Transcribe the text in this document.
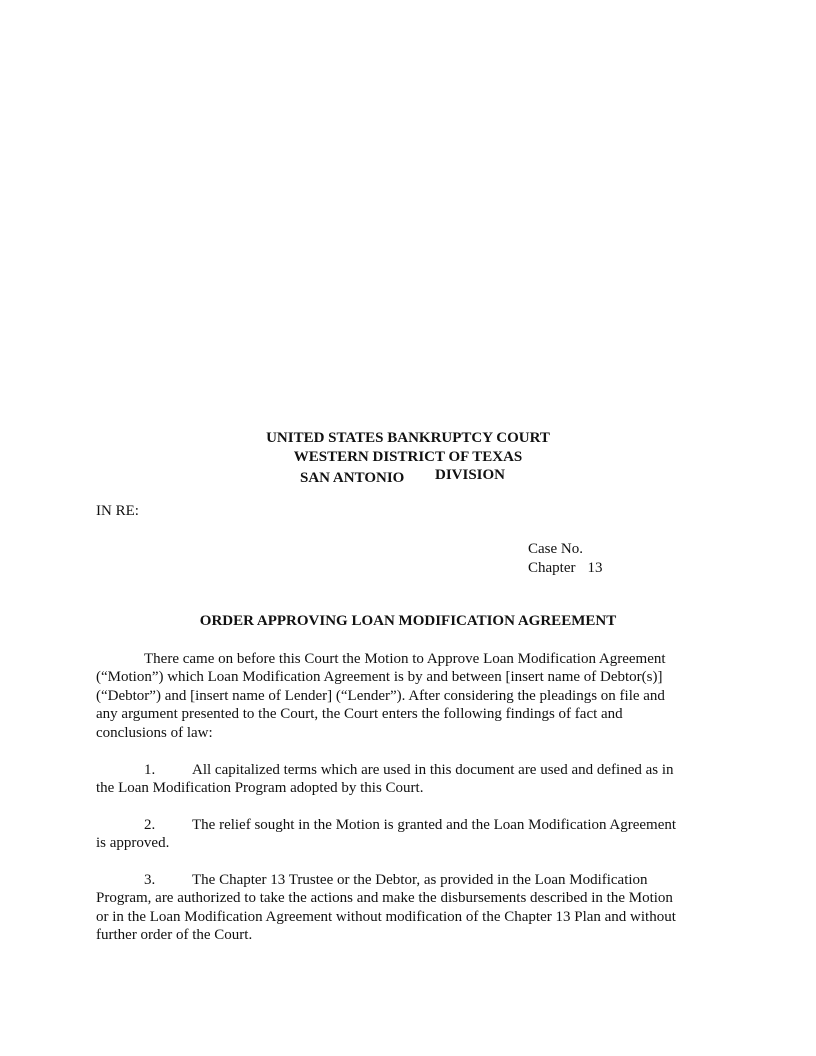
UNITED STATES BANKRUPTCY COURT
WESTERN DISTRICT OF TEXAS
SAN ANTONIO DIVISION
IN RE:
Case No.
Chapter 13
ORDER APPROVING LOAN MODIFICATION AGREEMENT
There came on before this Court the Motion to Approve Loan Modification Agreement
(“Motion”) which Loan Modification Agreement is by and between [insert name of Debtor(s)]
(“Debtor”) and [insert name of Lender] (“Lender”). After considering the pleadings on file and
any argument presented to the Court, the Court enters the following findings of fact and
conclusions of law:
1. All capitalized terms which are used in this document are used and defined as in
the Loan Modification Program adopted by this Court.
2. The relief sought in the Motion is granted and the Loan Modification Agreement
is approved.
3. The Chapter 13 Trustee or the Debtor, as provided in the Loan Modification
Program, are authorized to take the actions and make the disbursements described in the Motion
or in the Loan Modification Agreement without modification of the Chapter 13 Plan and without
further order of the Court.
